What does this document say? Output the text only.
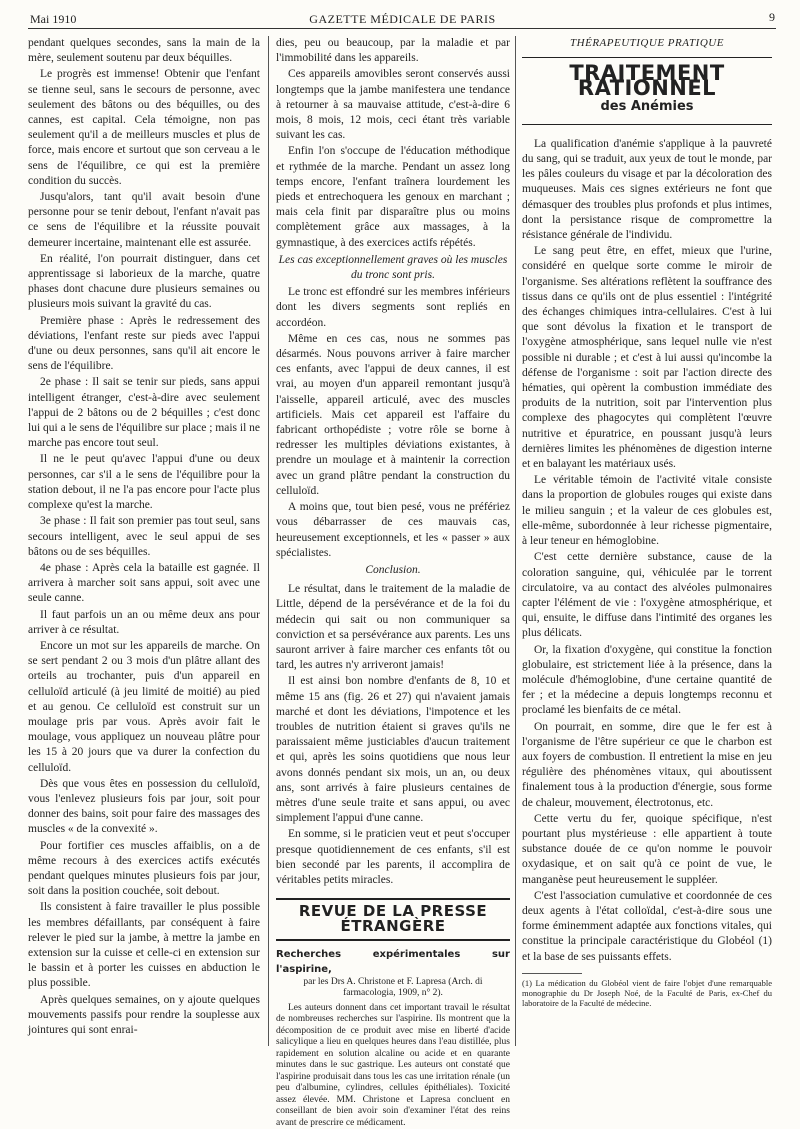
Mai 1910	GAZETTE MÉDICALE DE PARIS	9

pendant quelques secondes, sans la main de la mère, seulement soutenu par deux béquilles.

Le progrès est immense! Obtenir que l'enfant se tienne seul, sans le secours de personne, avec seulement des bâtons ou des béquilles, ou des cannes, est capital. Cela témoigne, non pas seulement qu'il a de meilleurs muscles et plus de force, mais encore et surtout que son cerveau a le sens de l'équilibre, ce qui est la première condition du succès.

Jusqu'alors, tant qu'il avait besoin d'une personne pour se tenir debout, l'enfant n'avait pas ce sens de l'équilibre et la réussite pouvait demeurer incertaine, maintenant elle est assurée.

En réalité, l'on pourrait distinguer, dans cet apprentissage si laborieux de la marche, quatre phases dont chacune dure plusieurs semaines ou plusieurs mois suivant la gravité du cas.

Première phase : Après le redressement des déviations, l'enfant reste sur pieds avec l'appui d'une ou deux personnes, sans qu'il ait encore le sens de l'équilibre.

2e phase : Il sait se tenir sur pieds, sans appui intelligent étranger, c'est-à-dire avec seulement l'appui de 2 bâtons ou de 2 béquilles ; c'est donc lui qui a le sens de l'équilibre sur place ; mais il ne marche pas encore tout seul.

Il ne le peut qu'avec l'appui d'une ou deux personnes, car s'il a le sens de l'équilibre pour la station debout, il ne l'a pas encore pour l'acte plus complexe qu'est la marche.

3e phase : Il fait son premier pas tout seul, sans secours intelligent, avec le seul appui de ses bâtons ou de ses béquilles.

4e phase : Après cela la bataille est gagnée. Il arrivera à marcher soit sans appui, soit avec une seule canne.

Il faut parfois un an ou même deux ans pour arriver à ce résultat.

Encore un mot sur les appareils de marche. On se sert pendant 2 ou 3 mois d'un plâtre allant des orteils au trochanter, puis d'un appareil en celluloïd articulé (à jeu limité de moitié) au pied et au genou. Ce celluloïd est construit sur un moulage pris par vous. Après avoir fait le moulage, vous appliquez un nouveau plâtre pour les 15 à 20 jours que va durer la confection du celluloïd.

Dès que vous êtes en possession du celluloïd, vous l'enlevez plusieurs fois par jour, soit pour donner des bains, soit pour faire des massages des muscles « de la convexité ».

Pour fortifier ces muscles affaiblis, on a de même recours à des exercices actifs exécutés pendant quelques minutes plusieurs fois par jour, soit dans la position couchée, soit debout.

Ils consistent à faire travailler le plus possible les membres défaillants, par conséquent à faire relever le pied sur la jambe, à mettre la jambe en extension sur la cuisse et celle-ci en extension sur le bassin et à porter les cuisses en abduction le plus possible.

Après quelques semaines, on y ajoute quelques mouvements passifs pour rendre la souplesse aux jointures qui sont enrai-

dies, peu ou beaucoup, par la maladie et par l'immobilité dans les appareils.

Ces appareils amovibles seront conservés aussi longtemps que la jambe manifestera une tendance à retourner à sa mauvaise attitude, c'est-à-dire 6 mois, 8 mois, 12 mois, ceci étant très variable suivant les cas.

Enfin l'on s'occupe de l'éducation méthodique et rythmée de la marche. Pendant un assez long temps encore, l'enfant traînera lourdement les pieds et entrechoquera les genoux en marchant ; mais cela finit par disparaître plus ou moins complètement grâce aux massages, à la gymnastique, à des exercices actifs répétés.

Les cas exceptionnellement graves où les muscles du tronc sont pris.

Le tronc est effondré sur les membres inférieurs dont les divers segments sont repliés en accordéon.

Même en ces cas, nous ne sommes pas désarmés. Nous pouvons arriver à faire marcher ces enfants, avec l'appui de deux cannes, il est vrai, au moyen d'un appareil remontant jusqu'à l'aisselle, appareil articulé, avec des muscles artificiels. Mais cet appareil est l'affaire du fabricant orthopédiste ; votre rôle se borne à redresser les multiples déviations existantes, à prendre un moulage et à maintenir la correction avec un grand plâtre pendant la construction du celluloïd.

A moins que, tout bien pesé, vous ne préfériez vous débarrasser de ces mauvais cas, heureusement exceptionnels, et les « passer » aux spécialistes.

Conclusion.

Le résultat, dans le traitement de la maladie de Little, dépend de la persévérance et de la foi du médecin qui sait ou non communiquer sa conviction et sa persévérance aux parents. Les uns sauront arriver à faire marcher ces enfants tôt ou tard, les autres n'y arriveront jamais!

Il est ainsi bon nombre d'enfants de 8, 10 et même 15 ans (fig. 26 et 27) qui n'avaient jamais marché et dont les déviations, l'impotence et les troubles de nutrition étaient si graves qu'ils ne paraissaient même justiciables d'aucun traitement et qui, après les soins quotidiens que nous leur avons donnés pendant six mois, un an, ou deux ans, sont arrivés à faire plusieurs centaines de mètres d'une seule traite et sans appui, ou avec simplement l'appui d'une canne.

En somme, si le praticien veut et peut s'occuper presque quotidiennement de ces enfants, s'il est bien secondé par les parents, il accomplira de véritables petits miracles.

REVUE DE LA PRESSE ÉTRANGÈRE
Recherches expérimentales sur l'aspirine,
par les Drs A. Christone et F. Lapresa (Arch. di farmacologia, 1909, n° 2).

Les auteurs donnent dans cet important travail le résultat de nombreuses recherches sur l'aspirine. Ils montrent que la décomposition de ce produit avec mise en liberté d'acide salicylique a lieu en quelques heures dans l'eau distillée, plus rapidement en solution alcaline ou acide et en quarante minutes dans le suc gastrique. Les auteurs ont constaté que l'aspirine produisait dans tous les cas une irritation rénale (un peu d'albumine, cylindres, cellules épithéliales). Toxicité assez élevée. MM. Christone et Lapresa concluent en conseillant de bien avoir soin d'examiner l'état des reins avant de prescrire ce médicament.

THÉRAPEUTIQUE PRATIQUE
TRAITEMENT RATIONNEL
des Anémies

La qualification d'anémie s'applique à la pauvreté du sang, qui se traduit, aux yeux de tout le monde, par les pâles couleurs du visage et par la décoloration des muqueuses. Mais ces signes extérieurs ne font que démasquer des troubles plus profonds et plus intimes, dont la persistance risque de compromettre la résistance générale de l'individu.

Le sang peut être, en effet, mieux que l'urine, considéré en quelque sorte comme le miroir de l'organisme. Ses altérations reflètent la souffrance des tissus dans ce qu'ils ont de plus essentiel : l'intégrité des échanges chimiques intra-cellulaires. C'est à lui que sont dévolus la fixation et le transport de l'oxygène atmosphérique, sans lequel nulle vie n'est possible ni durable ; et c'est à lui aussi qu'incombe la défense de l'organisme : soit par l'action directe des hématies, qui opèrent la combustion immédiate des produits de la nutrition, soit par l'intervention plus complexe des phagocytes qui complètent l'œuvre nutritive et épuratrice, en poussant jusqu'à leurs dernières limites les phénomènes de digestion interne et en balayant les matériaux usés.

Le véritable témoin de l'activité vitale consiste dans la proportion de globules rouges qui existe dans le milieu sanguin ; et la valeur de ces globules est, elle-même, subordonnée à leur richesse pigmentaire, à leur teneur en hémoglobine.

C'est cette dernière substance, cause de la coloration sanguine, qui, véhiculée par le torrent circulatoire, va au contact des alvéoles pulmonaires capter l'élément de vie : l'oxygène atmosphérique, et qui, ensuite, le diffuse dans l'intimité des organes les plus délicats.

Or, la fixation d'oxygène, qui constitue la fonction globulaire, est strictement liée à la présence, dans la molécule d'hémoglobine, d'une certaine quantité de fer ; et la médecine a depuis longtemps reconnu et proclamé les bienfaits de ce métal.

On pourrait, en somme, dire que le fer est à l'organisme de l'être supérieur ce que le charbon est aux foyers de combustion. Il entretient la mise en jeu régulière des phénomènes vitaux, qui aboutissent finalement tous à la production d'énergie, sous forme de chaleur, mouvement, électrotonus, etc.

Cette vertu du fer, quoique spécifique, n'est pourtant plus mystérieuse : elle appartient à toute substance douée de ce qu'on nomme le pouvoir oxydasique, et on sait qu'à ce point de vue, le manganèse peut heureusement le suppléer.

C'est l'association cumulative et coordonnée de ces deux agents à l'état colloïdal, c'est-à-dire sous une forme éminemment adaptée aux fonctions vitales, qui constitue la principale caractéristique du Globéol (1) et la base de ses puissants effets.

(1) La médication du Globéol vient de faire l'objet d'une remarquable monographie du Dr Joseph Noé, de la Faculté de Paris, ex-Chef du laboratoire de la Faculté de médecine.
